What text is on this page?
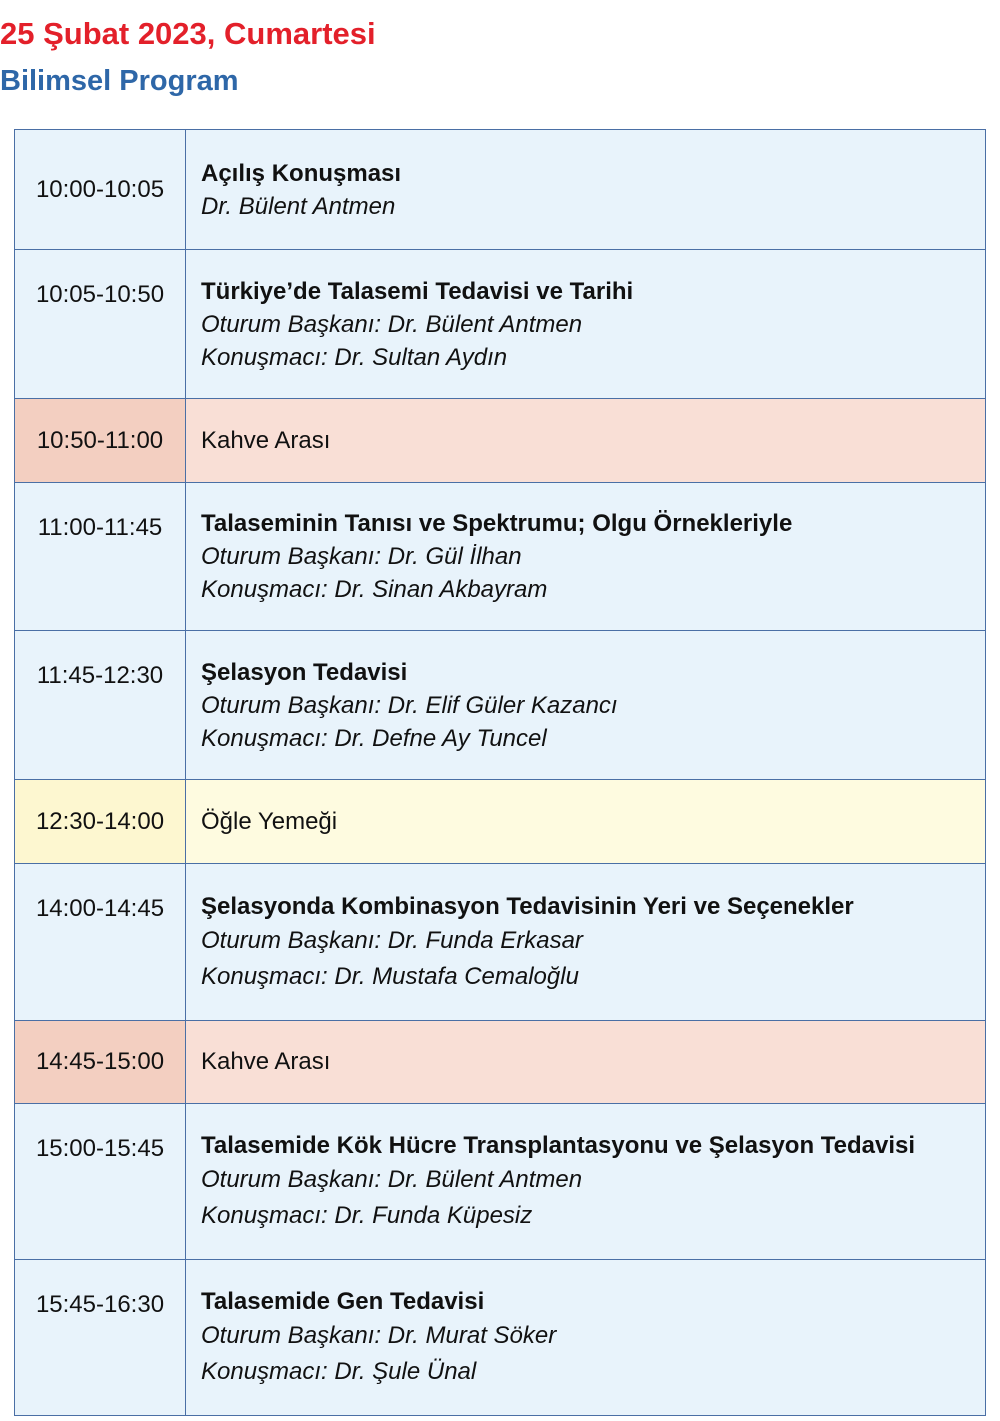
25 Şubat 2023, Cumartesi
Bilimsel Program
10:00-10:05	Açılış Konuşması
Dr. Bülent Antmen

10:05-10:50	Türkiye’de Talasemi Tedavisi ve Tarihi
Oturum Başkanı: Dr. Bülent Antmen
Konuşmacı: Dr. Sultan Aydın

10:50-11:00	Kahve Arası

11:00-11:45	Talaseminin Tanısı ve Spektrumu; Olgu Örnekleriyle
Oturum Başkanı: Dr. Gül İlhan
Konuşmacı: Dr. Sinan Akbayram

11:45-12:30	Şelasyon Tedavisi
Oturum Başkanı: Dr. Elif Güler Kazancı
Konuşmacı: Dr. Defne Ay Tuncel

12:30-14:00	Öğle Yemeği

14:00-14:45	Şelasyonda Kombinasyon Tedavisinin Yeri ve Seçenekler
Oturum Başkanı: Dr. Funda Erkasar
Konuşmacı: Dr. Mustafa Cemaloğlu

14:45-15:00	Kahve Arası

15:00-15:45	Talasemide Kök Hücre Transplantasyonu ve Şelasyon Tedavisi
Oturum Başkanı: Dr. Bülent Antmen
Konuşmacı: Dr. Funda Küpesiz

15:45-16:30	Talasemide Gen Tedavisi
Oturum Başkanı: Dr. Murat Söker
Konuşmacı: Dr. Şule Ünal
